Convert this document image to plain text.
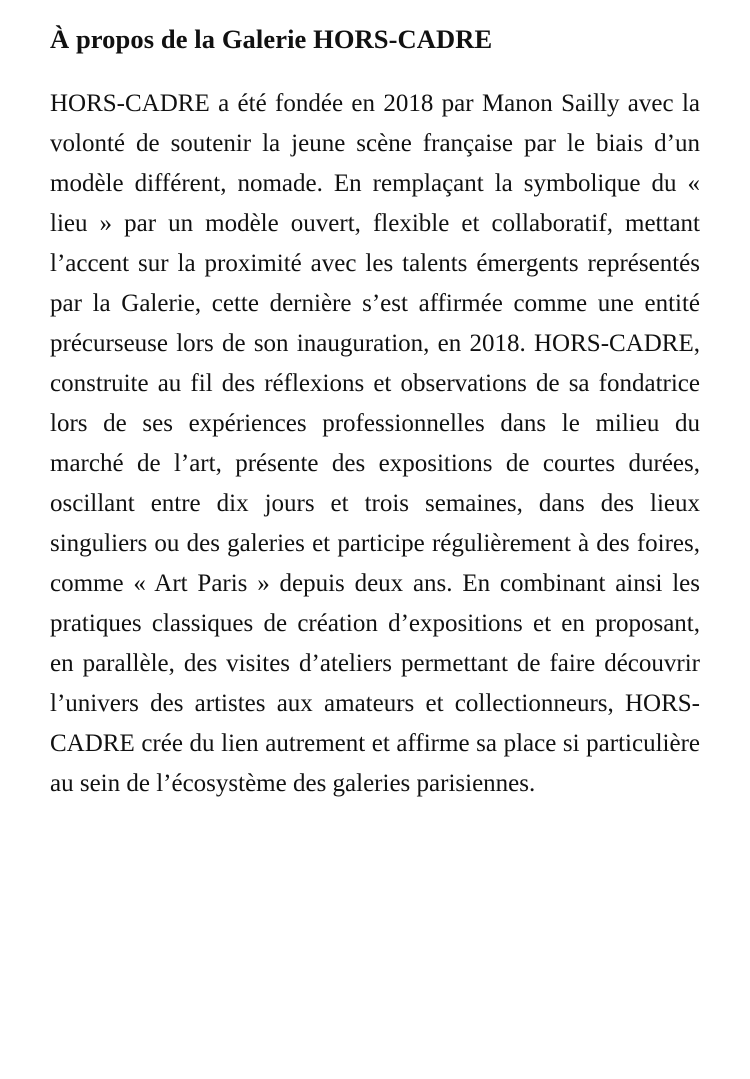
À propos de la Galerie HORS-CADRE

HORS-CADRE a été fondée en 2018 par Manon Sailly avec la volonté de soutenir la jeune scène française par le biais d’un modèle différent, nomade. En remplaçant la symbolique du « lieu » par un modèle ouvert, flexible et collaboratif, mettant l’accent sur la proximité avec les talents émergents représentés par la Galerie, cette dernière s’est affirmée comme une entité précurseuse lors de son inauguration, en 2018. HORS-CADRE, construite au fil des réflexions et observations de sa fondatrice lors de ses expériences professionnelles dans le milieu du marché de l’art, présente des expositions de courtes durées, oscillant entre dix jours et trois semaines, dans des lieux singuliers ou des galeries et participe régulièrement à des foires, comme « Art Paris » depuis deux ans. En combinant ainsi les pratiques classiques de création d’expositions et en proposant, en parallèle, des visites d’ateliers permettant de faire découvrir l’univers des artistes aux amateurs et collectionneurs, HORS-CADRE crée du lien autrement et affirme sa place si particulière au sein de l’écosystème des galeries parisiennes.
